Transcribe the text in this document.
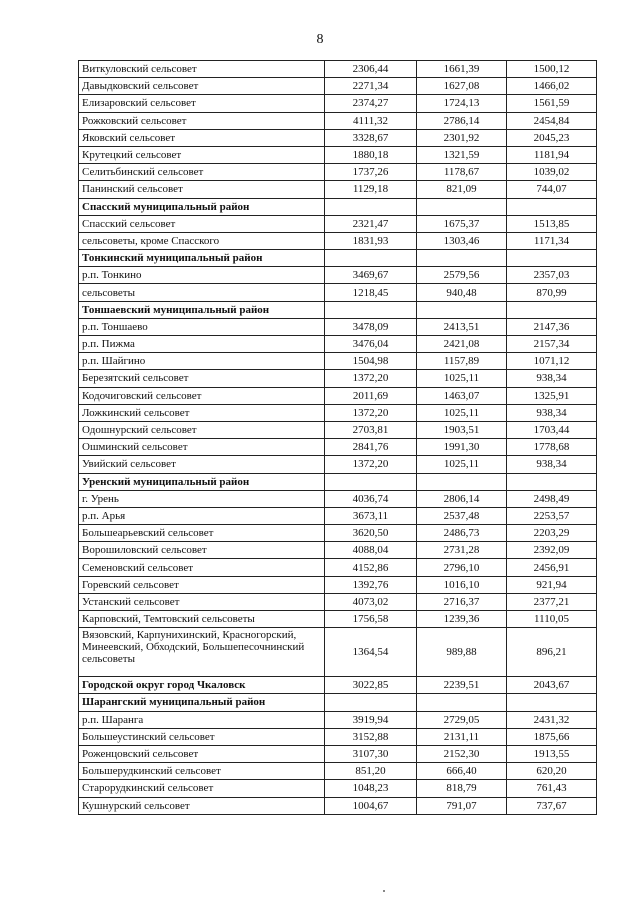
8
Виткуловский сельсовет	2306,44	1661,39	1500,12
Давыдковский сельсовет	2271,34	1627,08	1466,02
Елизаровский сельсовет	2374,27	1724,13	1561,59
Рожковский сельсовет	4111,32	2786,14	2454,84
Яковский сельсовет	3328,67	2301,92	2045,23
Крутецкий сельсовет	1880,18	1321,59	1181,94
Селитьбинский сельсовет	1737,26	1178,67	1039,02
Панинский сельсовет	1129,18	821,09	744,07
Спасский муниципальный район			
Спасский сельсовет	2321,47	1675,37	1513,85
сельсоветы, кроме Спасского	1831,93	1303,46	1171,34
Тонкинский муниципальный район			
р.п. Тонкино	3469,67	2579,56	2357,03
сельсоветы	1218,45	940,48	870,99
Тоншаевский муниципальный район			
р.п. Тоншаево	3478,09	2413,51	2147,36
р.п. Пижма	3476,04	2421,08	2157,34
р.п. Шайгино	1504,98	1157,89	1071,12
Березятский сельсовет	1372,20	1025,11	938,34
Кодочиговский сельсовет	2011,69	1463,07	1325,91
Ложкинский сельсовет	1372,20	1025,11	938,34
Одошнурский сельсовет	2703,81	1903,51	1703,44
Ошминский сельсовет	2841,76	1991,30	1778,68
Увийский сельсовет	1372,20	1025,11	938,34
Уренский муниципальный район			
г. Урень	4036,74	2806,14	2498,49
р.п. Арья	3673,11	2537,48	2253,57
Большеарьевский сельсовет	3620,50	2486,73	2203,29
Ворошиловский сельсовет	4088,04	2731,28	2392,09
Семеновский сельсовет	4152,86	2796,10	2456,91
Горевский сельсовет	1392,76	1016,10	921,94
Устанский сельсовет	4073,02	2716,37	2377,21
Карповский, Темтовский сельсоветы	1756,58	1239,36	1110,05
Вязовский, Карпунихинский, Красногорский, Минеевский, Обходский, Большепесочнинский сельсоветы	1364,54	989,88	896,21
Городской округ город Чкаловск	3022,85	2239,51	2043,67
Шарангский муниципальный район			
р.п. Шаранга	3919,94	2729,05	2431,32
Большеустинский сельсовет	3152,88	2131,11	1875,66
Роженцовский сельсовет	3107,30	2152,30	1913,55
Большерудкинский сельсовет	851,20	666,40	620,20
Старорудкинский сельсовет	1048,23	818,79	761,43
Кушнурский сельсовет	1004,67	791,07	737,67
